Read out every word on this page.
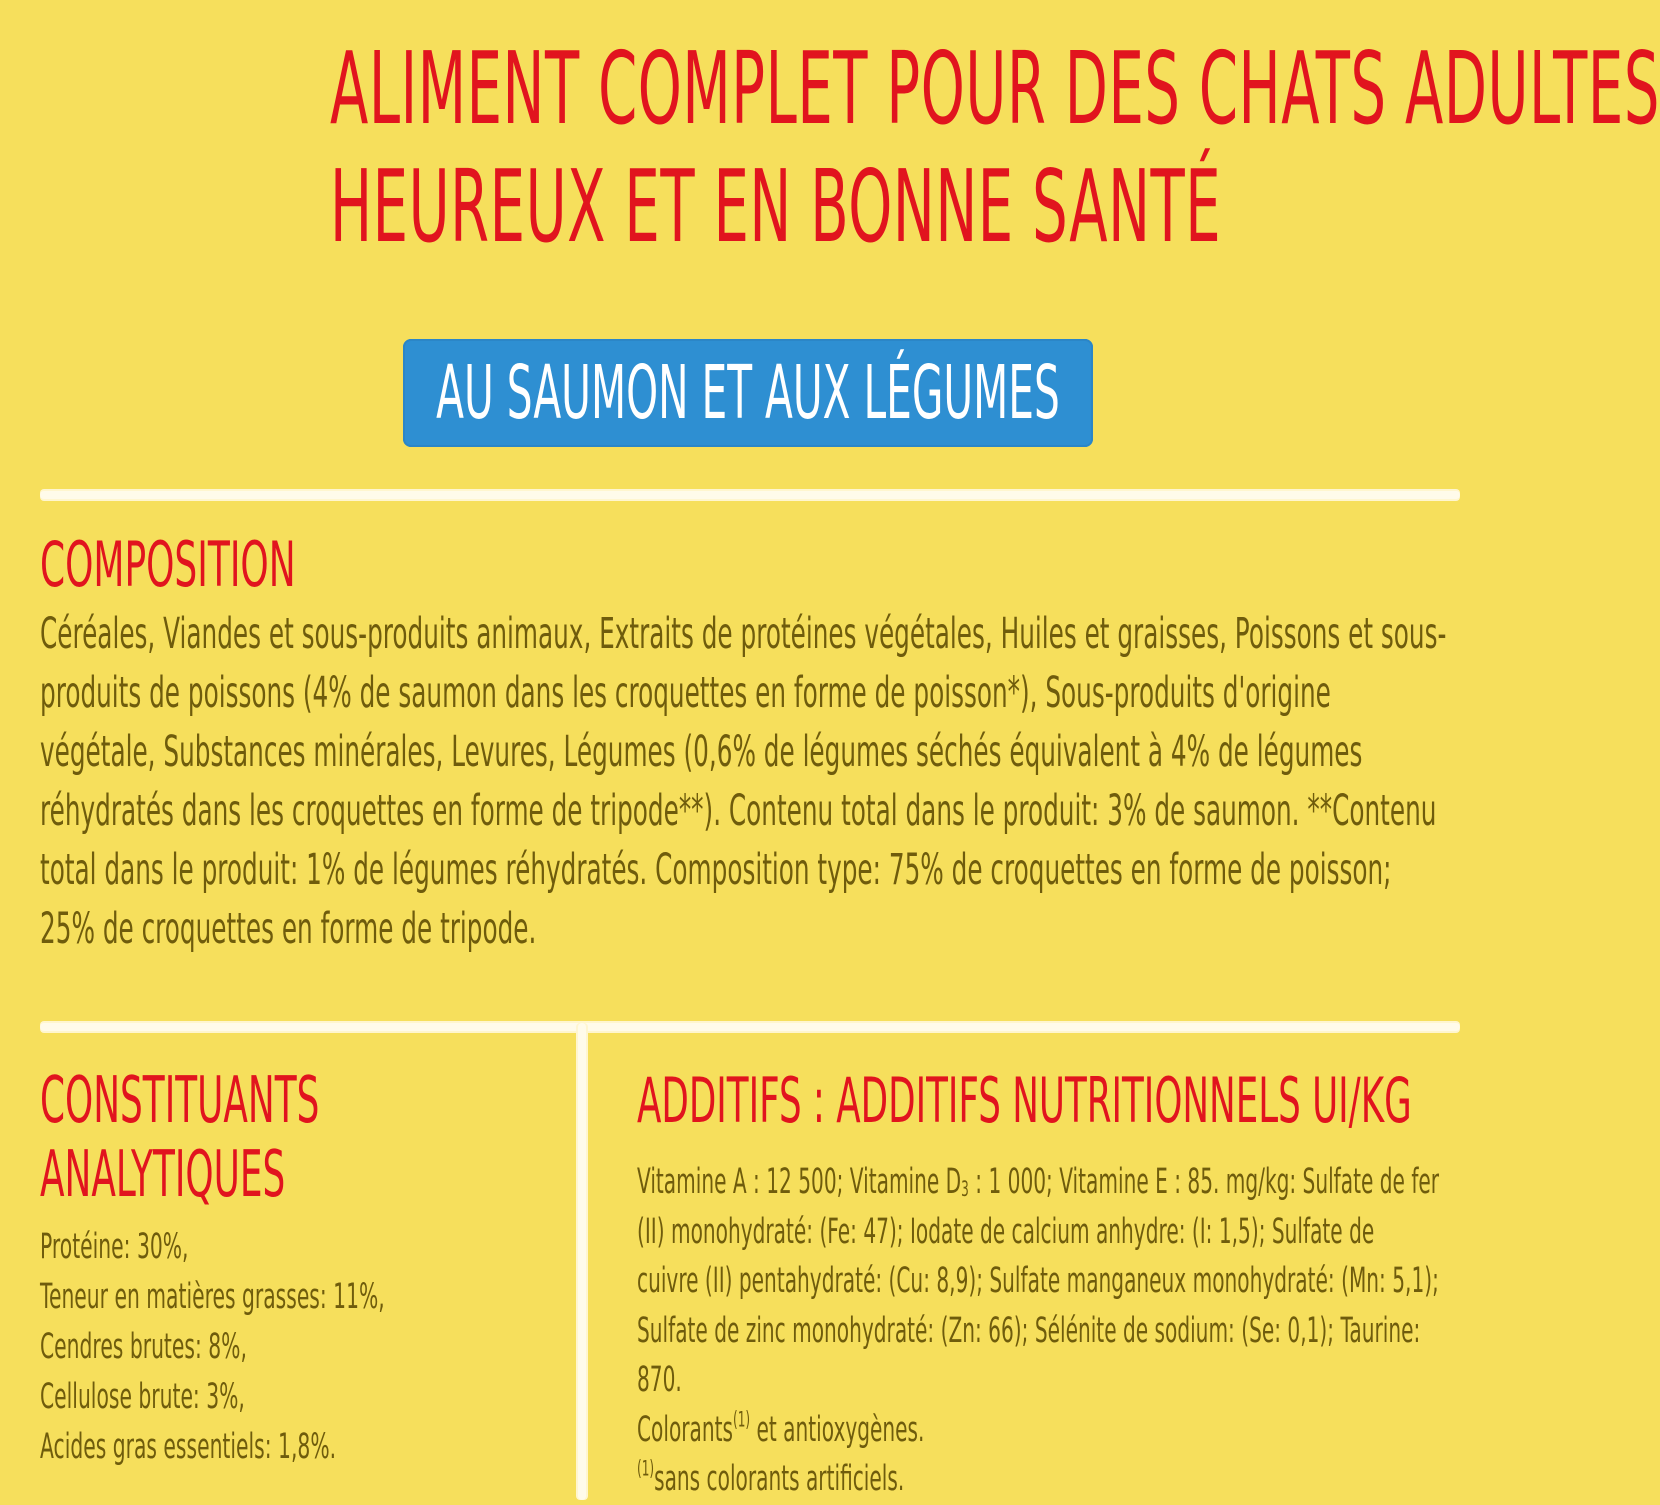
ALIMENT COMPLET POUR DES CHATS ADULTES
HEUREUX ET EN BONNE SANTÉ
AU SAUMON ET AUX LÉGUMES
COMPOSITION
Céréales, Viandes et sous-produits animaux, Extraits de protéines végétales, Huiles et graisses, Poissons et sous-produits de poissons (4% de saumon dans les croquettes en forme de poisson*), Sous-produits d'origine végétale, Substances minérales, Levures, Légumes (0,6% de légumes séchés équivalent à 4% de légumes réhydratés dans les croquettes en forme de tripode**). Contenu total dans le produit: 3% de saumon. **Contenu total dans le produit: 1% de légumes réhydratés. Composition type: 75% de croquettes en forme de poisson; 25% de croquettes en forme de tripode.
CONSTITUANTS
ANALYTIQUES
Protéine: 30%,
Teneur en matières grasses: 11%,
Cendres brutes: 8%,
Cellulose brute: 3%,
Acides gras essentiels: 1,8%.
ADDITIFS : ADDITIFS NUTRITIONNELS UI/KG

Vitamine A : 12 500; Vitamine $D_3$ : 1 000; Vitamine E : 85. mg/kg: Sulfate de fer (II) monohydraté: (Fe: 47); Iodate de calcium anhydre: (I: 1,5); Sulfate de cuivre (II) pentahydraté: (Cu: 8,9); Sulfate manganeux monohydraté: (Mn: 5,1); Sulfate de zinc monohydraté: (Zn: 66); Sélénite de sodium: (Se: 0,1); Taurine: 870.

Colorants$^{(1)}$ et antioxygènes.

$^{(1)}$sans colorants artificiels.
